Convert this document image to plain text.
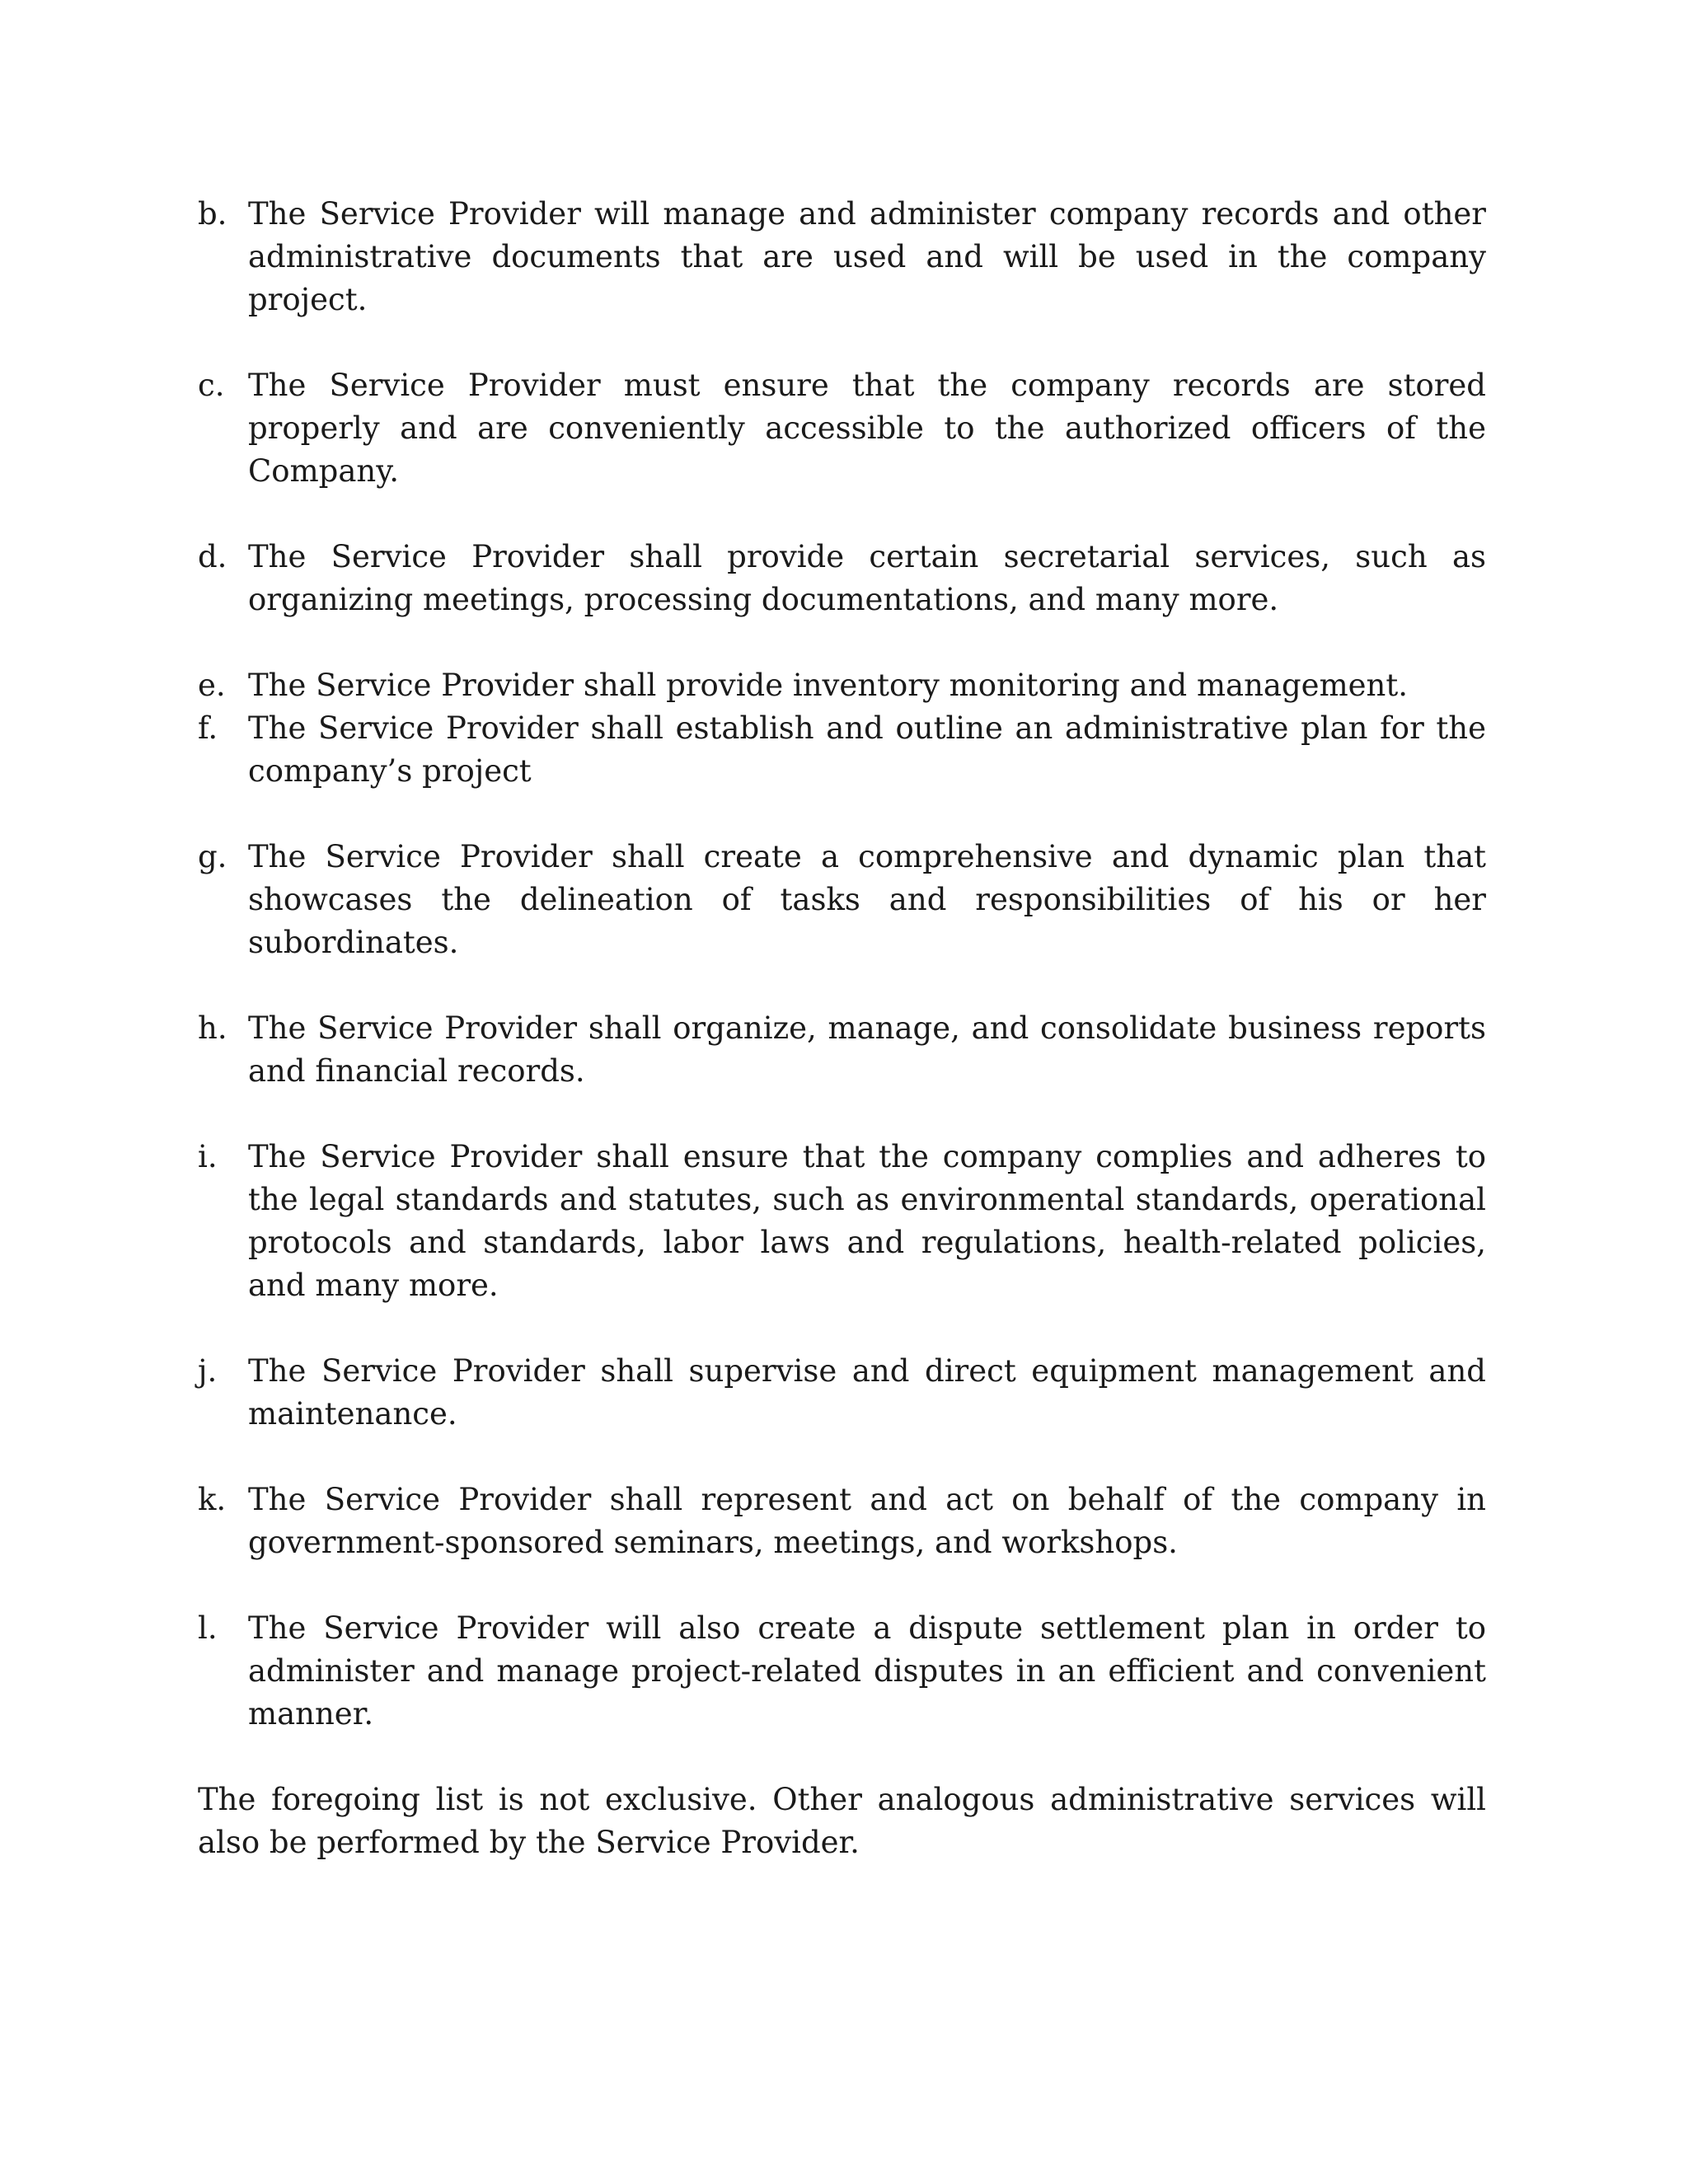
b. The Service Provider will manage and administer company records and other administrative documents that are used and will be used in the company project.
c. The Service Provider must ensure that the company records are stored properly and are conveniently accessible to the authorized officers of the Company.
d. The Service Provider shall provide certain secretarial services, such as organizing meetings, processing documentations, and many more.
e. The Service Provider shall provide inventory monitoring and management.
f. The Service Provider shall establish and outline an administrative plan for the company’s project
g. The Service Provider shall create a comprehensive and dynamic plan that showcases the delineation of tasks and responsibilities of his or her subordinates.
h. The Service Provider shall organize, manage, and consolidate business reports and financial records.
i.	The Service Provider shall ensure that the company complies and adheres to the legal standards and statutes, such as environmental standards, operational protocols and standards, labor laws and regulations, health-related policies, and many more.
j.	The Service Provider shall supervise and direct equipment management and maintenance.
k. The Service Provider shall represent and act on behalf of the company in government-sponsored seminars, meetings, and workshops.
l.	The Service Provider will also create a dispute settlement plan in order to administer and manage project-related disputes in an efficient and convenient manner.

The foregoing list is not exclusive. Other analogous administrative services will also be performed by the Service Provider.
